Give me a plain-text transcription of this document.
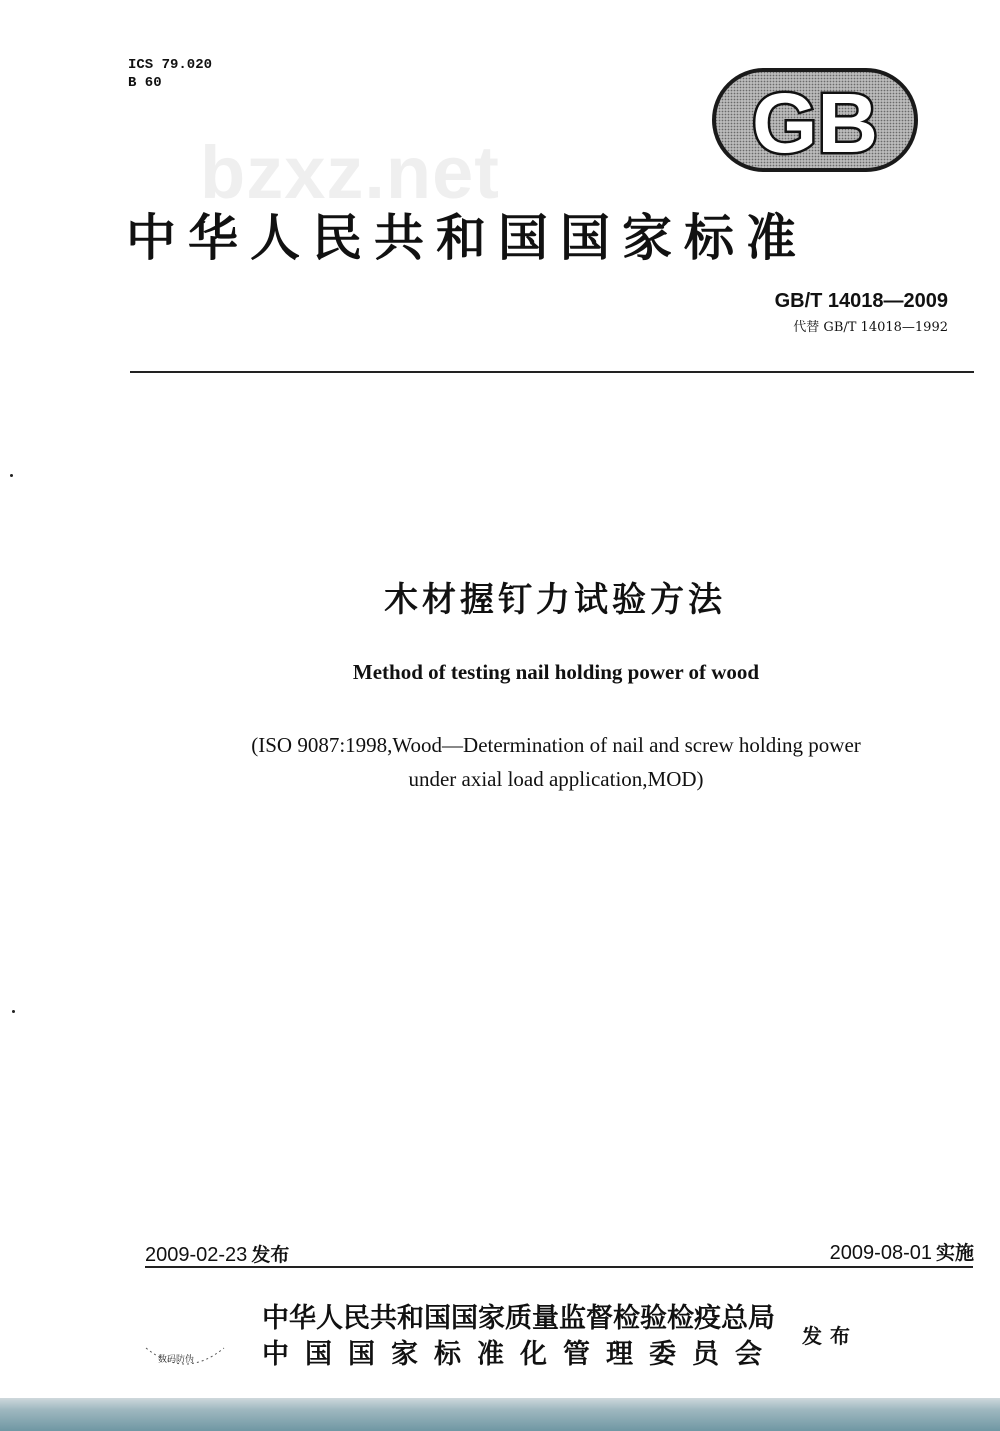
ICS 79.020
B 60	GB
bzxz.net
中华人民共和国国家标准
GB/T 14018—2009
代替 GB/T 14018—1992
木材握钉力试验方法
Method of testing nail holding power of wood
(ISO 9087:1998,Wood—Determination of nail and screw holding power
under axial load application,MOD)
2009-02-23 发布	2009-08-01 实施
中华人民共和国国家质量监督检验检疫总局
中国国家标准化管理委员会
发布
数码防伪
